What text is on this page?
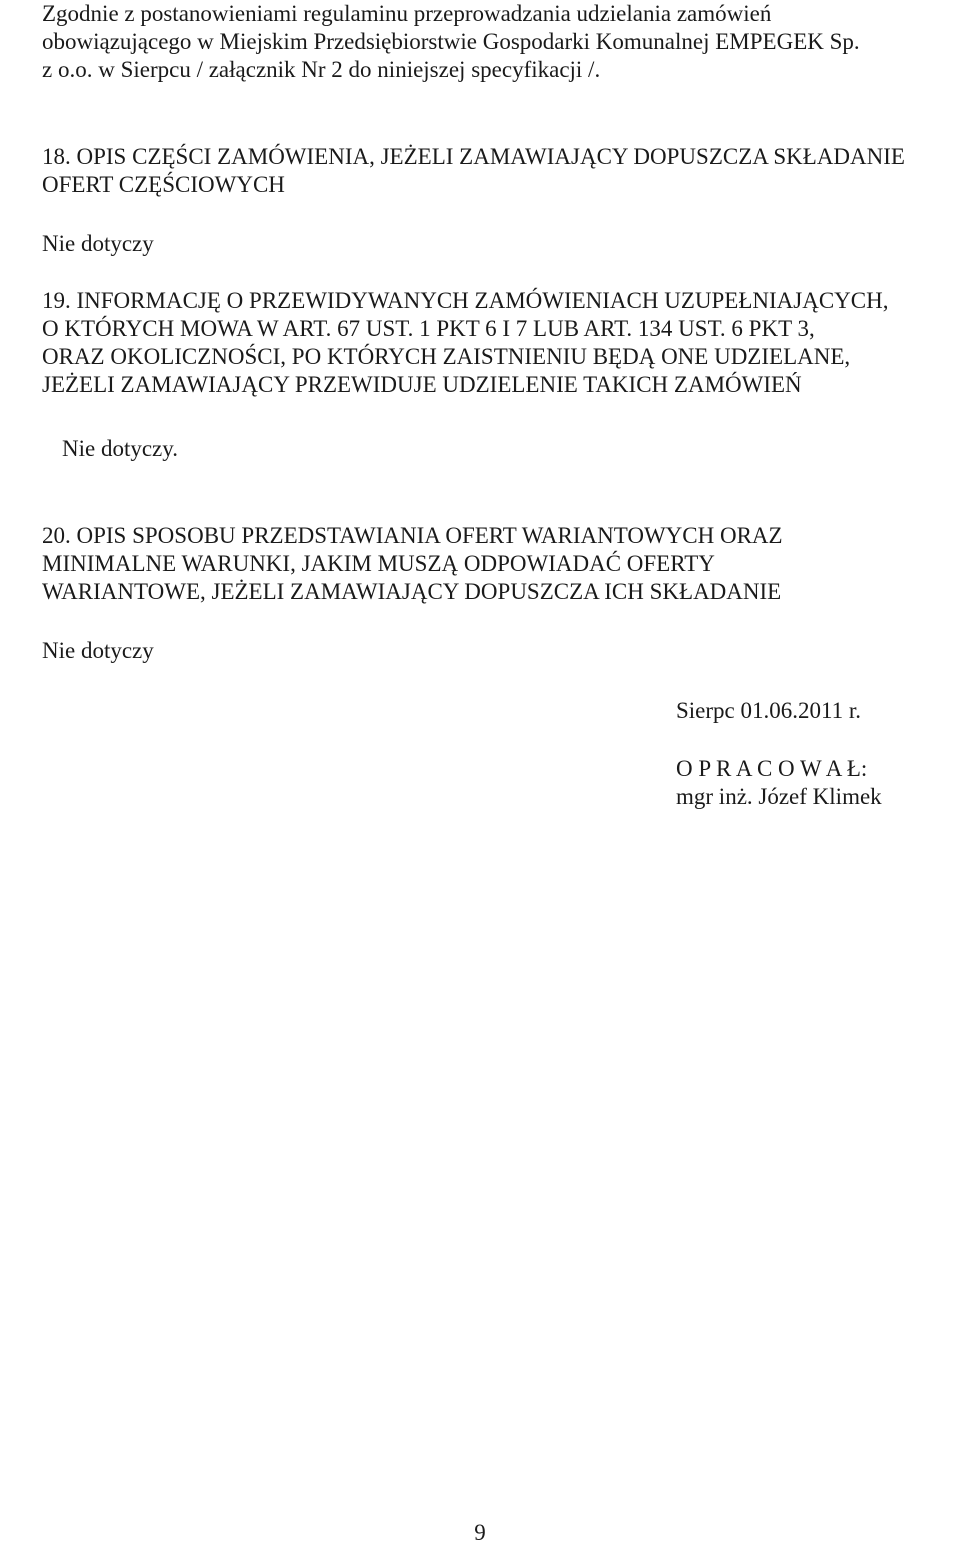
Zgodnie z postanowieniami regulaminu przeprowadzania udzielania zamówień
obowiązującego w Miejskim Przedsiębiorstwie Gospodarki Komunalnej EMPEGEK Sp.
z o.o. w Sierpcu / załącznik Nr 2 do niniejszej specyfikacji /.

18. OPIS CZĘŚCI ZAMÓWIENIA, JEŻELI ZAMAWIAJĄCY DOPUSZCZA SKŁADANIE
OFERT CZĘŚCIOWYCH

Nie dotyczy

19. INFORMACJĘ O PRZEWIDYWANYCH ZAMÓWIENIACH UZUPEŁNIAJĄCYCH,
O KTÓRYCH MOWA W ART. 67 UST. 1 PKT 6 I 7 LUB ART. 134 UST. 6 PKT 3,
ORAZ OKOLICZNOŚCI, PO KTÓRYCH ZAISTNIENIU BĘDĄ ONE UDZIELANE,
JEŻELI ZAMAWIAJĄCY PRZEWIDUJE UDZIELENIE TAKICH ZAMÓWIEŃ

Nie dotyczy.

20. OPIS SPOSOBU PRZEDSTAWIANIA OFERT WARIANTOWYCH ORAZ
MINIMALNE WARUNKI, JAKIM MUSZĄ ODPOWIADAĆ OFERTY
WARIANTOWE, JEŻELI ZAMAWIAJĄCY DOPUSZCZA ICH SKŁADANIE

Nie dotyczy

Sierpc 01.06.2011 r.
O P R A C O W A Ł:
mgr inż. Józef Klimek
9
